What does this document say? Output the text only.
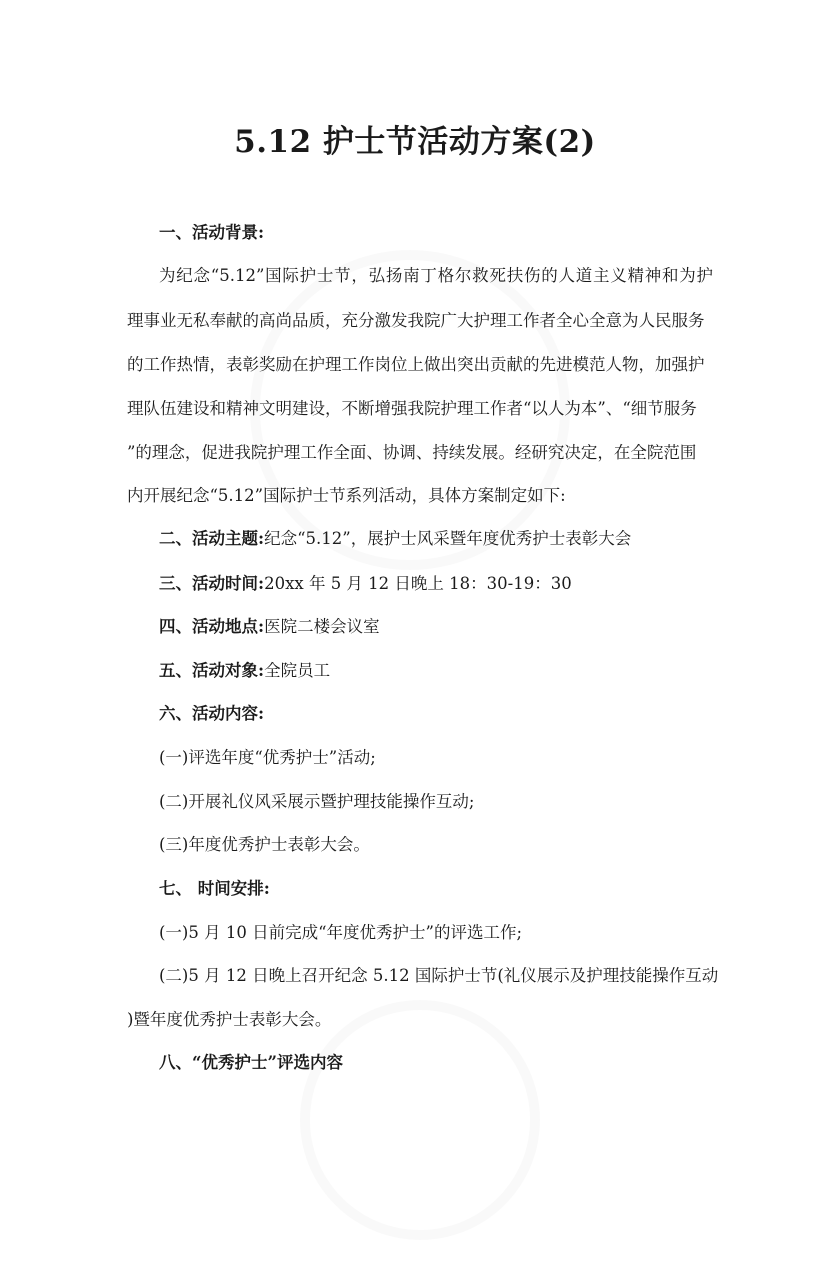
5.12 护士节活动方案(2)
一、活动背景:
为纪念“5.12”国际护士节，弘扬南丁格尔救死扶伤的人道主义精神和为护
理事业无私奉献的高尚品质，充分激发我院广大护理工作者全心全意为人民服务
的工作热情，表彰奖励在护理工作岗位上做出突出贡献的先进模范人物，加强护
理队伍建设和精神文明建设，不断增强我院护理工作者“以人为本”、“细节服务
”的理念，促进我院护理工作全面、协调、持续发展。经研究决定，在全院范围
内开展纪念“5.12”国际护士节系列活动，具体方案制定如下:
二、活动主题:纪念“5.12”，展护士风采暨年度优秀护士表彰大会
三、活动时间:20xx 年 5 月 12 日晚上 18：30-19：30
四、活动地点:医院二楼会议室
五、活动对象:全院员工
六、活动内容:
(一)评选年度“优秀护士”活动;
(二)开展礼仪风采展示暨护理技能操作互动;
(三)年度优秀护士表彰大会。
七、 时间安排:
(一)5 月 10 日前完成“年度优秀护士”的评选工作;
(二)5 月 12 日晚上召开纪念 5.12 国际护士节(礼仪展示及护理技能操作互动
)暨年度优秀护士表彰大会。
八、“优秀护士”评选内容
